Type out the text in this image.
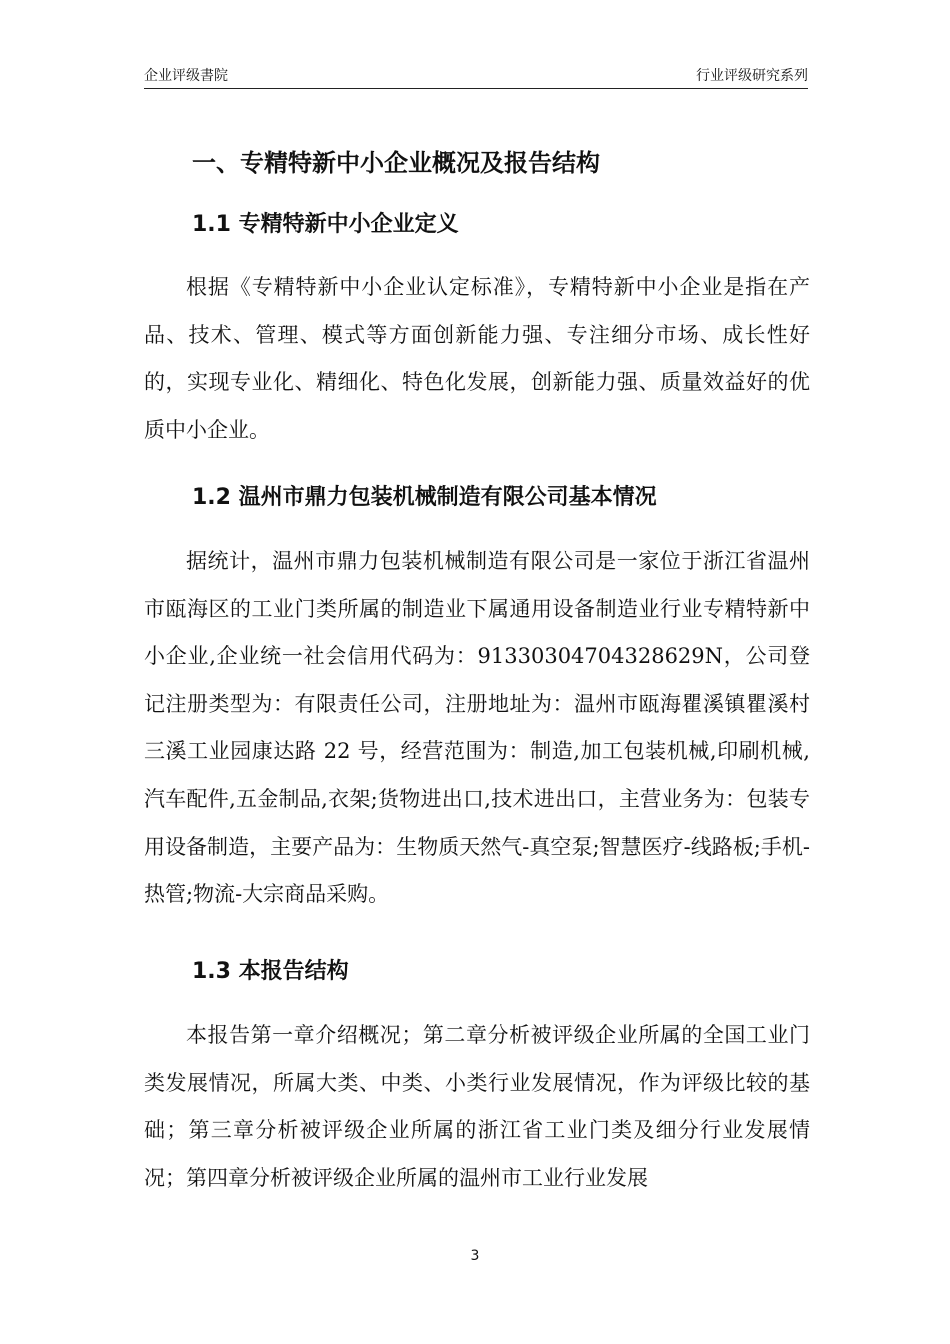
企业评级書院	行业评级研究系列
一、专精特新中小企业概况及报告结构
1.1 专精特新中小企业定义

根据《专精特新中小企业认定标准》，专精特新中小企业是指在产品、技术、管理、模式等方面创新能力强、专注细分市场、成长性好的，实现专业化、精细化、特色化发展，创新能力强、质量效益好的优质中小企业。

1.2 温州市鼎力包装机械制造有限公司基本情况

据统计，温州市鼎力包装机械制造有限公司是一家位于浙江省温州市瓯海区的工业门类所属的制造业下属通用设备制造业行业专精特新中小企业,企业统一社会信用代码为：91330304704328629N，公司登记注册类型为：有限责任公司，注册地址为：温州市瓯海瞿溪镇瞿溪村三溪工业园康达路 22 号，经营范围为：制造,加工包装机械,印刷机械,汽车配件,五金制品,衣架;货物进出口,技术进出口，主营业务为：包装专用设备制造，主要产品为：生物质天然气-真空泵;智慧医疗-线路板;手机-热管;物流-大宗商品采购。

1.3 本报告结构

本报告第一章介绍概况；第二章分析被评级企业所属的全国工业门类发展情况，所属大类、中类、小类行业发展情况，作为评级比较的基础；第三章分析被评级企业所属的浙江省工业门类及细分行业发展情况；第四章分析被评级企业所属的温州市工业行业发展

3
